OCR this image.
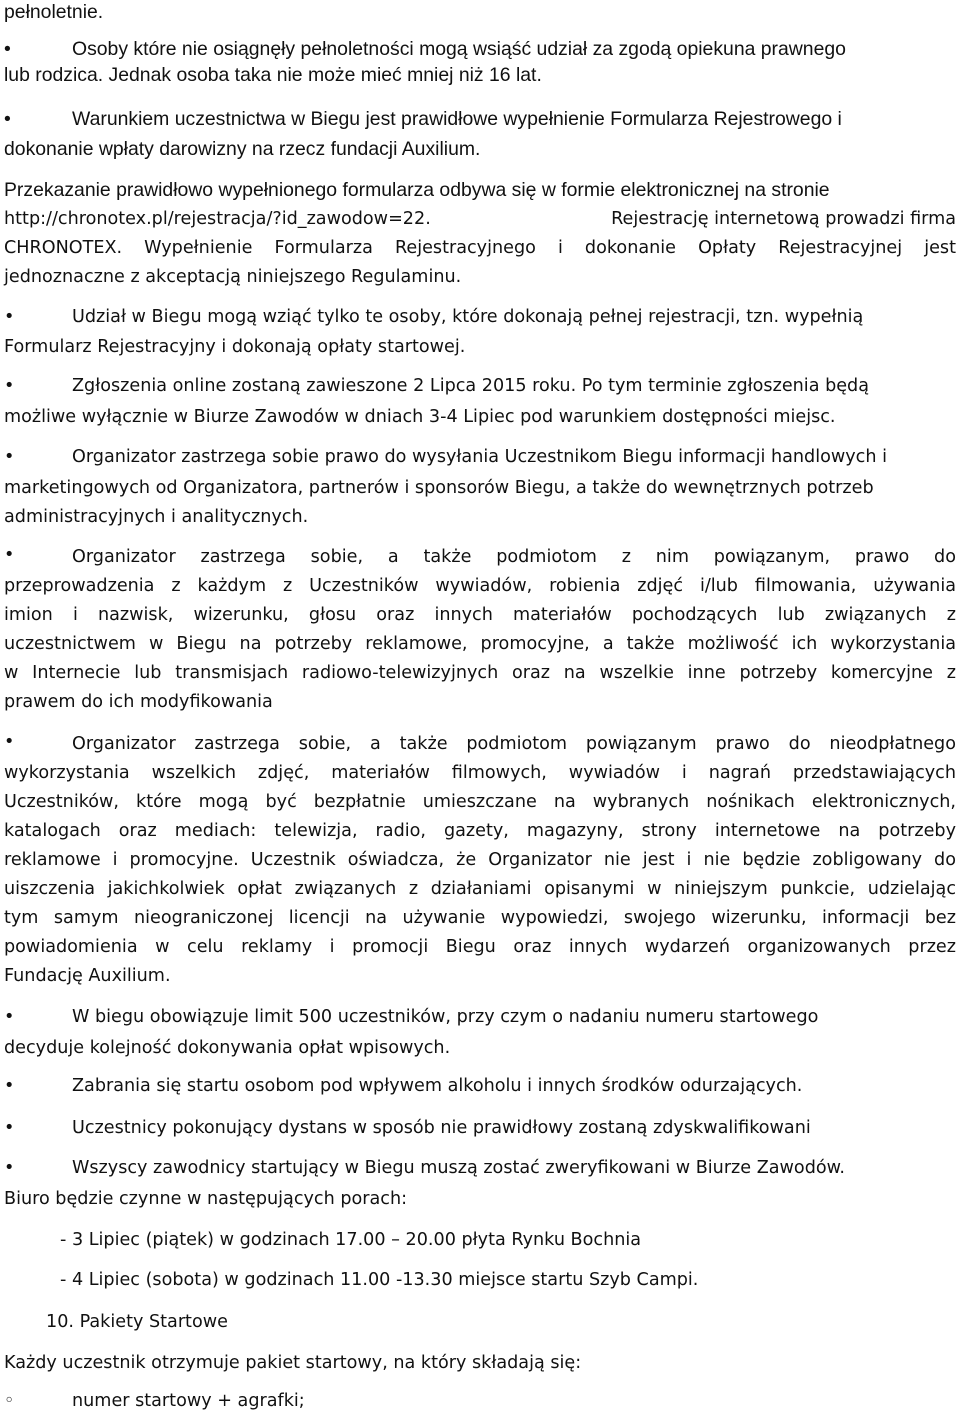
pełnoletnie.
•	Osoby które nie osiągnęły pełnoletności mogą wsiąść udział za zgodą opiekuna prawnego
lub rodzica. Jednak osoba taka nie może mieć mniej niż 16 lat.
•	Warunkiem uczestnictwa w Biegu jest prawidłowe wypełnienie Formularza Rejestrowego i
dokonanie wpłaty darowizny na rzecz fundacji Auxilium.
Przekazanie prawidłowo wypełnionego formularza odbywa się w formie elektronicznej na stronie
http://chronotex.pl/rejestracja/?id_zawodow=22.	Rejestrację internetową prowadzi firma
CHRONOTEX. Wypełnienie Formularza Rejestracyjnego i dokonanie Opłaty Rejestracyjnej jest
jednoznaczne z akceptacją niniejszego Regulaminu.
•	Udział w Biegu mogą wziąć tylko te osoby, które dokonają pełnej rejestracji, tzn. wypełnią
Formularz Rejestracyjny i dokonają opłaty startowej.
•	Zgłoszenia online zostaną zawieszone 2 Lipca 2015 roku. Po tym terminie zgłoszenia będą
możliwe wyłącznie w Biurze Zawodów w dniach 3-4 Lipiec pod warunkiem dostępności miejsc.
•	Organizator zastrzega sobie prawo do wysyłania Uczestnikom Biegu informacji handlowych i
marketingowych od Organizatora, partnerów i sponsorów Biegu, a także do wewnętrznych potrzeb
administracyjnych i analitycznych.
•	Organizator zastrzega sobie, a także podmiotom z nim powiązanym, prawo do
przeprowadzenia z każdym z Uczestników wywiadów, robienia zdjęć i/lub filmowania, używania
imion i nazwisk, wizerunku, głosu oraz innych materiałów pochodzących lub związanych z
uczestnictwem w Biegu na potrzeby reklamowe, promocyjne, a także możliwość ich wykorzystania
w Internecie lub transmisjach radiowo-telewizyjnych oraz na wszelkie inne potrzeby komercyjne z
prawem do ich modyfikowania
•	Organizator zastrzega sobie, a także podmiotom powiązanym prawo do nieodpłatnego
wykorzystania wszelkich zdjęć, materiałów filmowych, wywiadów i nagrań przedstawiających
Uczestników, które mogą być bezpłatnie umieszczane na wybranych nośnikach elektronicznych,
katalogach oraz mediach: telewizja, radio, gazety, magazyny, strony internetowe na potrzeby
reklamowe i promocyjne. Uczestnik oświadcza, że Organizator nie jest i nie będzie zobligowany do
uiszczenia jakichkolwiek opłat związanych z działaniami opisanymi w niniejszym punkcie, udzielając
tym samym nieograniczonej licencji na używanie wypowiedzi, swojego wizerunku, informacji bez
powiadomienia w celu reklamy i promocji Biegu oraz innych wydarzeń organizowanych przez
Fundację Auxilium.
•	W biegu obowiązuje limit 500 uczestników, przy czym o nadaniu numeru startowego
decyduje kolejność dokonywania opłat wpisowych.
•	Zabrania się startu osobom pod wpływem alkoholu i innych środków odurzających.
•	Uczestnicy pokonujący dystans w sposób nie prawidłowy zostaną zdyskwalifikowani
•	Wszyscy zawodnicy startujący w Biegu muszą zostać zweryfikowani w Biurze Zawodów.
Biuro będzie czynne w następujących porach:
- 3 Lipiec (piątek) w godzinach 17.00 – 20.00 płyta Rynku Bochnia
- 4 Lipiec (sobota) w godzinach 11.00 -13.30 miejsce startu Szyb Campi.
10. Pakiety Startowe
Każdy uczestnik otrzymuje pakiet startowy, na który składają się:
◦	numer startowy + agrafki;
